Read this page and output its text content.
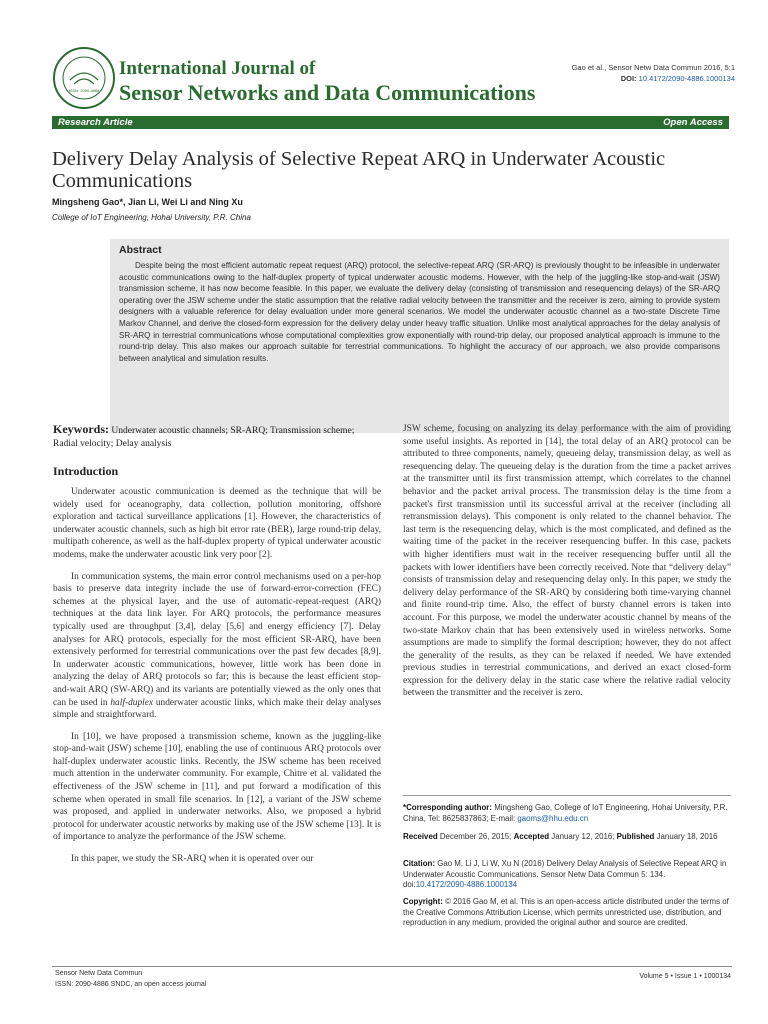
ISSN: 2090-4886
International Journal of
Sensor Networks and Data Communications
Gao et al., Sensor Netw Data Commun 2016, 5:1
DOI: 10.4172/2090-4886.1000134
Research Article	Open Access
Delivery Delay Analysis of Selective Repeat ARQ in Underwater Acoustic Communications
Mingsheng Gao*, Jian Li, Wei Li and Ning Xu
College of IoT Engineering, Hohai University, P.R. China
Abstract

Despite being the most efficient automatic repeat request (ARQ) protocol, the selective-repeat ARQ (SR-ARQ) is previously thought to be infeasible in underwater acoustic communications owing to the half-duplex property of typical underwater acoustic modems. However, with the help of the juggling-like stop-and-wait (JSW) transmission scheme, it has now become feasible. In this paper, we evaluate the delivery delay (consisting of transmission and resequencing delays) of the SR-ARQ operating over the JSW scheme under the static assumption that the relative radial velocity between the transmitter and the receiver is zero, aiming to provide system designers with a valuable reference for delay evaluation under more general scenarios. We model the underwater acoustic channel as a two-state Discrete Time Markov Channel, and derive the closed-form expression for the delivery delay under heavy traffic situation. Unlike most analytical approaches for the delay analysis of SR-ARQ in terrestrial communications whose computational complexities grow exponentially with round-trip delay, our proposed analytical approach is immune to the round-trip delay. This also makes our approach suitable for terrestrial communications. To highlight the accuracy of our approach, we also provide comparisons between analytical and simulation results.

Keywords: Underwater acoustic channels; SR-ARQ; Transmission scheme; Radial velocity; Delay analysis

Introduction

Underwater acoustic communication is deemed as the technique that will be widely used for oceanography, data collection, pollution monitoring, offshore exploration and tactical surveillance applications [1]. However, the characteristics of underwater acoustic channels, such as high bit error rate (BER), large round-trip delay, multipath coherence, as well as the half-duplex property of typical underwater acoustic modems, make the underwater acoustic link very poor [2].

In communication systems, the main error control mechanisms used on a per-hop basis to preserve data integrity include the use of forward-error-correction (FEC) schemes at the physical layer, and the use of automatic-repeat-request (ARQ) techniques at the data link layer. For ARQ protocols, the performance measures typically used are throughput [3,4], delay [5,6] and energy efficiency [7]. Delay analyses for ARQ protocols, especially for the most efficient SR-ARQ, have been extensively performed for terrestrial communications over the past few decades [8,9]. In underwater acoustic communications, however, little work has been done in analyzing the delay of ARQ protocols so far; this is because the least efficient stop-and-wait ARQ (SW-ARQ) and its variants are potentially viewed as the only ones that can be used in half-duplex underwater acoustic links, which make their delay analyses simple and straightforward.

In [10], we have proposed a transmission scheme, known as the juggling-like stop-and-wait (JSW) scheme [10], enabling the use of continuous ARQ protocols over half-duplex underwater acoustic links. Recently, the JSW scheme has been received much attention in the underwater community. For example, Chitre et al. validated the effectiveness of the JSW scheme in [11], and put forward a modification of this scheme when operated in small file scenarios. In [12], a variant of the JSW scheme was proposed, and applied in underwater networks. Also, we proposed a hybrid protocol for underwater acoustic networks by making use of the JSW scheme [13]. It is of importance to analyze the performance of the JSW scheme.

In this paper, we study the SR-ARQ when it is operated over our

JSW scheme, focusing on analyzing its delay performance with the aim of providing some useful insights. As reported in [14], the total delay of an ARQ protocol can be attributed to three components, namely, queueing delay, transmission delay, as well as resequencing delay. The queueing delay is the duration from the time a packet arrives at the transmitter until its first transmission attempt, which correlates to the channel behavior and the packet arrival process. The transmission delay is the time from a packet's first transmission until its successful arrival at the receiver (including all retransmission delays). This component is only related to the channel behavior. The last term is the resequencing delay, which is the most complicated, and defined as the waiting time of the packet in the receiver resequencing buffer. In this case, packets with higher identifiers must wait in the receiver resequencing buffer until all the packets with lower identifiers have been correctly received. Note that “delivery delay” consists of transmission delay and resequencing delay only. In this paper, we study the delivery delay performance of the SR-ARQ by considering both time-varying channel and finite round-trip time. Also, the effect of bursty channel errors is taken into account. For this purpose, we model the underwater acoustic channel by means of the two-state Markov chain that has been extensively used in wireless networks. Some assumptions are made to simplify the formal description; however, they do not affect the generality of the results, as they can be relaxed if needed. We have extended previous studies in terrestrial communications, and derived an exact closed-form expression for the delivery delay in the static case where the relative radial velocity between the transmitter and the receiver is zero.

*Corresponding author: Mingsheng Gao, College of IoT Engineering, Hohai University, P.R. China, Tel: 8625837863; E-mail: gaoms@hhu.edu.cn
Received December 26, 2015; Accepted January 12, 2016; Published January 18, 2016
Citation: Gao M, Li J, Li W, Xu N (2016) Delivery Delay Analysis of Selective Repeat ARQ in Underwater Acoustic Communications. Sensor Netw Data Commun 5: 134. doi:10.4172/2090-4886.1000134
Copyright: © 2016 Gao M, et al. This is an open-access article distributed under the terms of the Creative Commons Attribution License, which permits unrestricted use, distribution, and reproduction in any medium, provided the original author and source are credited.
Sensor Netw Data Commun
ISSN: 2090-4886 SNDC, an open access journal
Volume 5 • Issue 1 • 1000134
